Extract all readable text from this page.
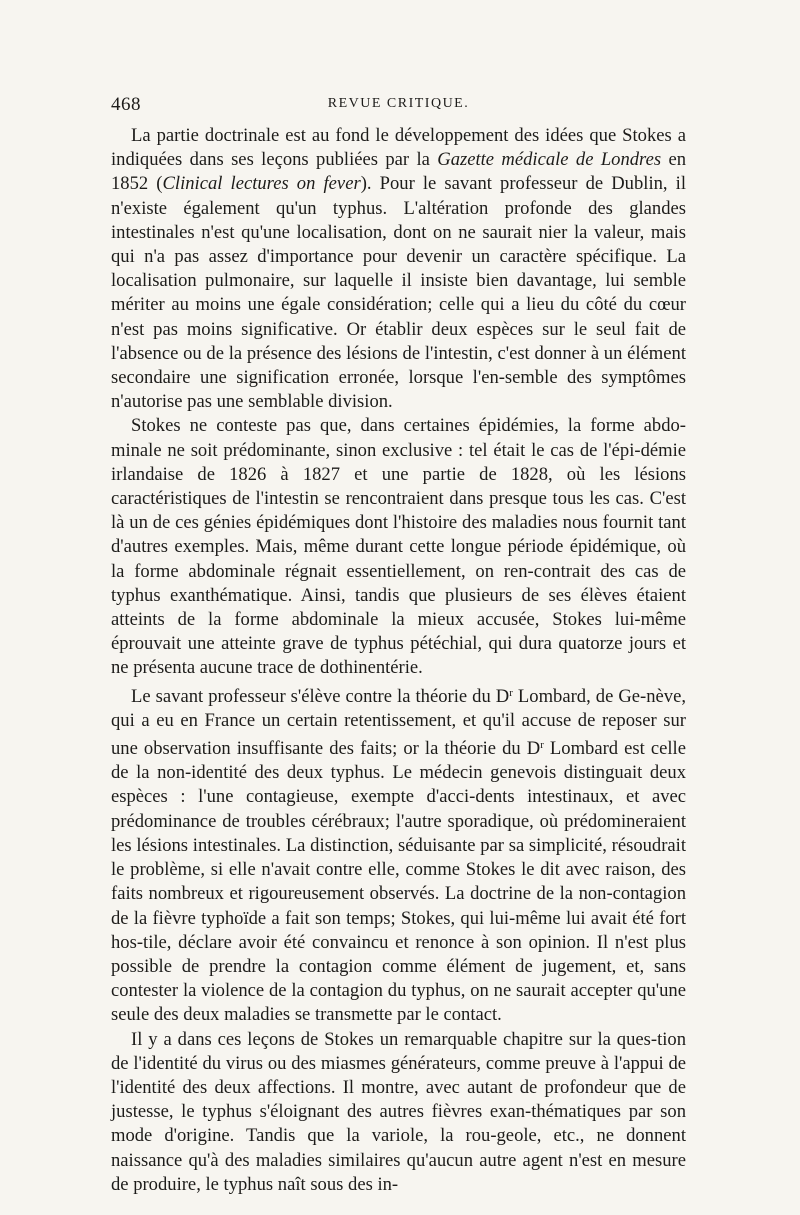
468	REVUE CRITIQUE.

La partie doctrinale est au fond le développement des idées que Stokes a indiquées dans ses leçons publiées par la Gazette médicale de Londres en 1852 (Clinical lectures on fever). Pour le savant professeur de Dublin, il n'existe également qu'un typhus. L'altération profonde des glandes intestinales n'est qu'une localisation, dont on ne saurait nier la valeur, mais qui n'a pas assez d'importance pour devenir un caractère spécifique. La localisation pulmonaire, sur laquelle il insiste bien davantage, lui semble mériter au moins une égale considération; celle qui a lieu du côté du cœur n'est pas moins significative. Or établir deux espèces sur le seul fait de l'absence ou de la présence des lésions de l'intestin, c'est donner à un élément secondaire une signification erronée, lorsque l'en-semble des symptômes n'autorise pas une semblable division.

Stokes ne conteste pas que, dans certaines épidémies, la forme abdo-minale ne soit prédominante, sinon exclusive : tel était le cas de l'épi-démie irlandaise de 1826 à 1827 et une partie de 1828, où les lésions caractéristiques de l'intestin se rencontraient dans presque tous les cas. C'est là un de ces génies épidémiques dont l'histoire des maladies nous fournit tant d'autres exemples. Mais, même durant cette longue période épidémique, où la forme abdominale régnait essentiellement, on ren-contrait des cas de typhus exanthématique. Ainsi, tandis que plusieurs de ses élèves étaient atteints de la forme abdominale la mieux accusée, Stokes lui-même éprouvait une atteinte grave de typhus pétéchial, qui dura quatorze jours et ne présenta aucune trace de dothinentérie.

Le savant professeur s'élève contre la théorie du $D^r$ Lombard, de Ge-nève, qui a eu en France un certain retentissement, et qu'il accuse de reposer sur une observation insuffisante des faits; or la théorie du $D^r$ Lombard est celle de la non-identité des deux typhus. Le médecin genevois distinguait deux espèces : l'une contagieuse, exempte d'acci-dents intestinaux, et avec prédominance de troubles cérébraux; l'autre sporadique, où prédomineraient les lésions intestinales. La distinction, séduisante par sa simplicité, résoudrait le problème, si elle n'avait contre elle, comme Stokes le dit avec raison, des faits nombreux et rigoureusement observés. La doctrine de la non-contagion de la fièvre typhoïde a fait son temps; Stokes, qui lui-même lui avait été fort hos-tile, déclare avoir été convaincu et renonce à son opinion. Il n'est plus possible de prendre la contagion comme élément de jugement, et, sans contester la violence de la contagion du typhus, on ne saurait accepter qu'une seule des deux maladies se transmette par le contact.

Il y a dans ces leçons de Stokes un remarquable chapitre sur la ques-tion de l'identité du virus ou des miasmes générateurs, comme preuve à l'appui de l'identité des deux affections. Il montre, avec autant de profondeur que de justesse, le typhus s'éloignant des autres fièvres exan-thématiques par son mode d'origine. Tandis que la variole, la rou-geole, etc., ne donnent naissance qu'à des maladies similaires qu'aucun autre agent n'est en mesure de produire, le typhus naît sous des in-
